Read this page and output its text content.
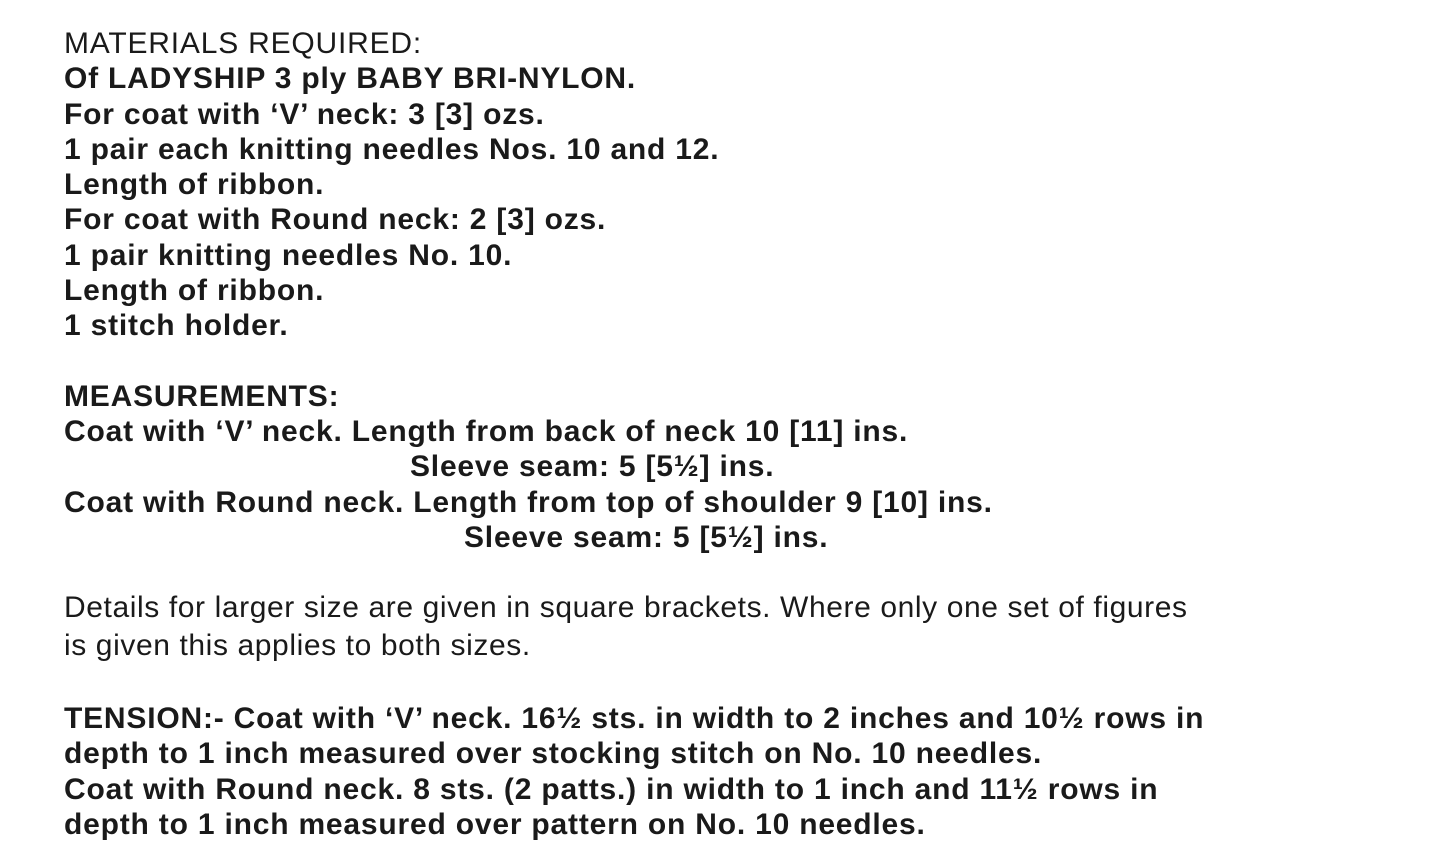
MATERIALS REQUIRED:
Of LADYSHIP 3 ply BABY BRI-NYLON.
For coat with ‘V’ neck: 3 [3] ozs.
1 pair each knitting needles Nos. 10 and 12.
Length of ribbon.
For coat with Round neck: 2 [3] ozs.
1 pair knitting needles No. 10.
Length of ribbon.
1 stitch holder.
MEASUREMENTS:
Coat with ‘V’ neck. Length from back of neck 10 [11] ins.
Sleeve seam: 5 [5½] ins.
Coat with Round neck. Length from top of shoulder 9 [10] ins.
Sleeve seam: 5 [5½] ins.
Details for larger size are given in square brackets. Where only one set of figures
is given this applies to both sizes.
TENSION:- Coat with ‘V’ neck. 16½ sts. in width to 2 inches and 10½ rows in
depth to 1 inch measured over stocking stitch on No. 10 needles.
Coat with Round neck. 8 sts. (2 patts.) in width to 1 inch and 11½ rows in
depth to 1 inch measured over pattern on No. 10 needles.
